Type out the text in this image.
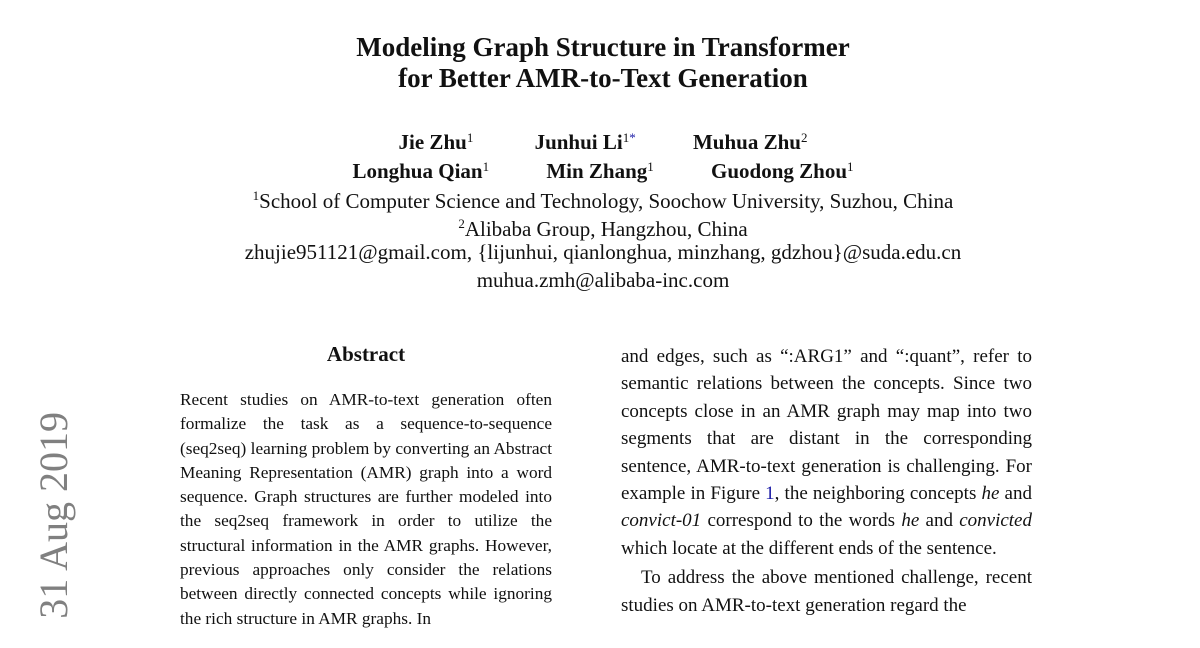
Modeling Graph Structure in Transformer
for Better AMR-to-Text Generation
Jie Zhu$^1$	Junhui $Li^{1*}$	Muhua Zhu$^2$
Longhua Qian$^1$	Min Zhang$^1$	Guodong Zhou$^1$
$^1$School of Computer Science and Technology, Soochow University, Suzhou, China
$^2$Alibaba Group, Hangzhou, China
zhujie951121@gmail.com, {lijunhui, qianlonghua, minzhang, gdzhou}@suda.edu.cn
muhua.zmh@alibaba-inc.com
31 Aug 2019
Abstract
Recent studies on AMR-to-text generation often formalize the task as a sequence-to-sequence (seq2seq) learning problem by converting an Abstract Meaning Representation (AMR) graph into a word sequence. Graph structures are further modeled into the seq2seq framework in order to utilize the structural information in the AMR graphs. However, previous approaches only consider the relations between directly connected concepts while ignoring the rich structure in AMR graphs. In
and edges, such as “:ARG1” and “:quant”, refer to semantic relations between the concepts. Since two concepts close in an AMR graph may map into two segments that are distant in the corresponding sentence, AMR-to-text generation is challenging. For example in Figure 1, the neighboring concepts he and convict-01 correspond to the words he and convicted which locate at the different ends of the sentence.
To address the above mentioned challenge, recent studies on AMR-to-text generation regard the
